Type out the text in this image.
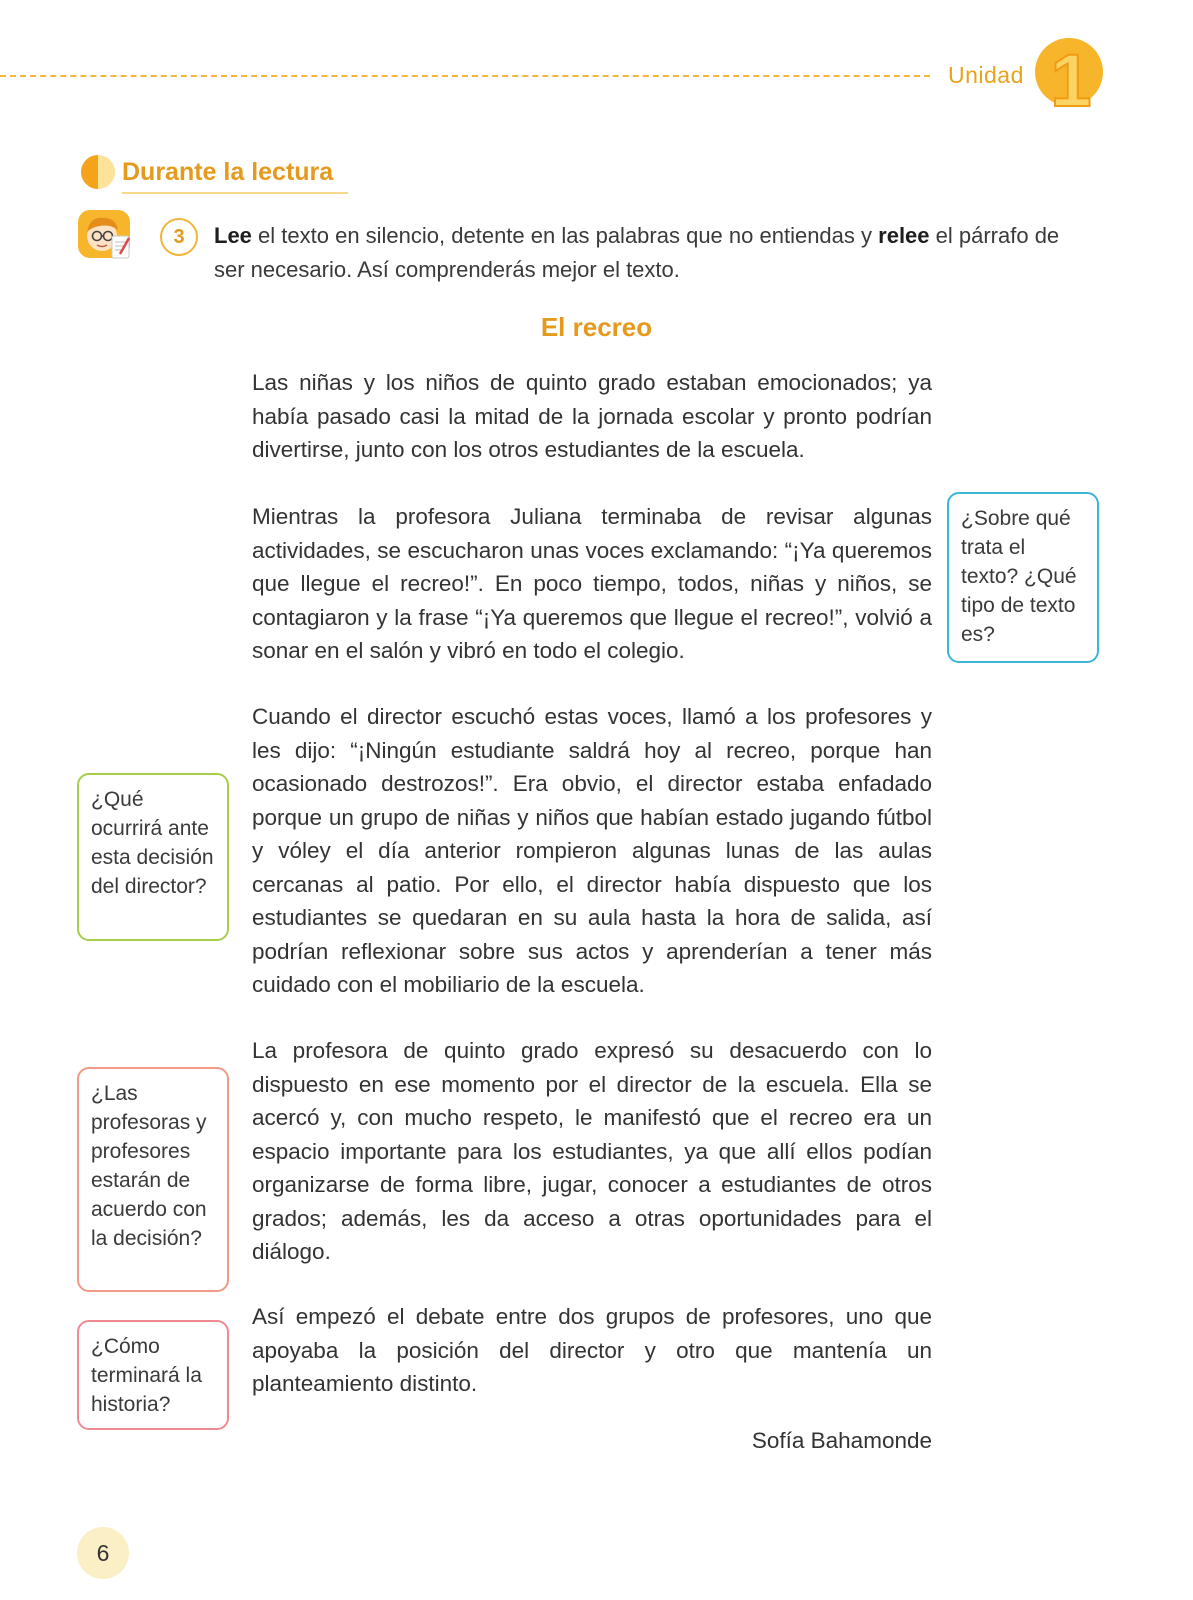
Unidad 1
Durante la lectura
3	Lee el texto en silencio, detente en las palabras que no entiendas y relee el párrafo de ser necesario. Así comprenderás mejor el texto.
El recreo

Las niñas y los niños de quinto grado estaban emocionados; ya había pasado casi la mitad de la jornada escolar y pronto podrían divertirse, junto con los otros estudiantes de la escuela.

Mientras la profesora Juliana terminaba de revisar algunas actividades, se escucharon unas voces exclamando: “¡Ya queremos que llegue el recreo!”. En poco tiempo, todos, niñas y niños, se contagiaron y la frase “¡Ya queremos que llegue el recreo!”, volvió a sonar en el salón y vibró en todo el colegio.

Cuando el director escuchó estas voces, llamó a los profesores y les dijo: “¡Ningún estudiante saldrá hoy al recreo, porque han ocasionado destrozos!”. Era obvio, el director estaba enfadado porque un grupo de niñas y niños que habían estado jugando fútbol y vóley el día anterior rompieron algunas lunas de las aulas cercanas al patio. Por ello, el director había dispuesto que los estudiantes se quedaran en su aula hasta la hora de salida, así podrían reflexionar sobre sus actos y aprenderían a tener más cuidado con el mobiliario de la escuela.

La profesora de quinto grado expresó su desacuerdo con lo dispuesto en ese momento por el director de la escuela. Ella se acercó y, con mucho respeto, le manifestó que el recreo era un espacio importante para los estudiantes, ya que allí ellos podían organizarse de forma libre, jugar, conocer a estudiantes de otros grados; además, les da acceso a otras oportunidades para el diálogo.

Así empezó el debate entre dos grupos de profesores, uno que apoyaba la posición del director y otro que mantenía un planteamiento distinto.

Sofía Bahamonde
¿Sobre qué trata el texto? ¿Qué tipo de texto es?
¿Qué ocurrirá ante esta decisión del director?
¿Las profesoras y profesores estarán de acuerdo con la decisión?
¿Cómo terminará la historia?
6
